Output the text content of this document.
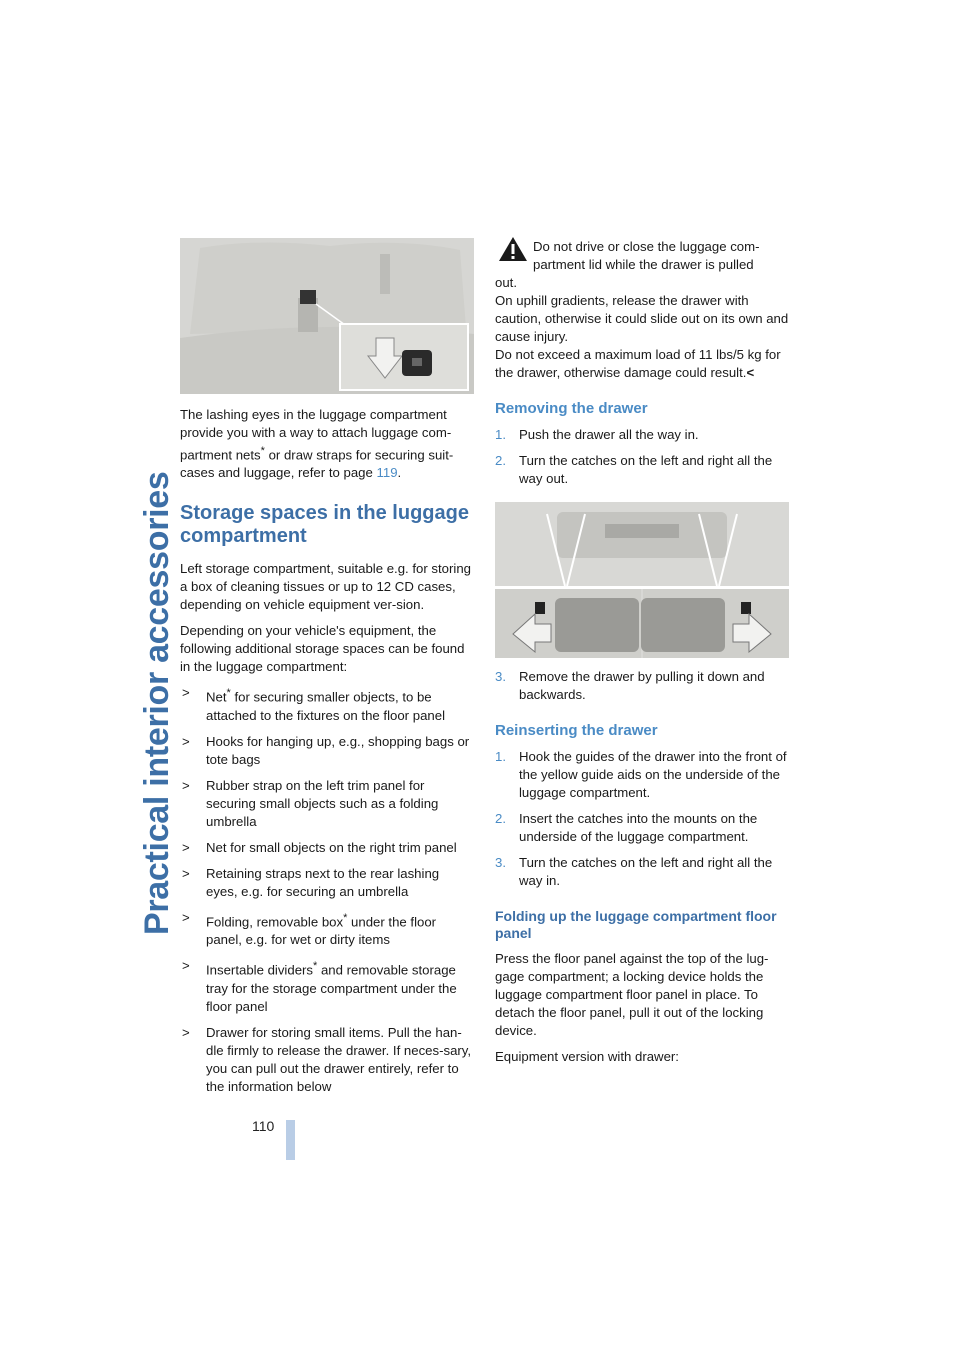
Practical interior accessories

The lashing eyes in the luggage compartment provide you with a way to attach luggage com-partment nets* or draw straps for securing suit-cases and luggage, refer to page 119.

Storage spaces in the luggage compartment

Left storage compartment, suitable e.g. for storing a box of cleaning tissues or up to 12 CD cases, depending on vehicle equipment ver-sion.

Depending on your vehicle's equipment, the following additional storage spaces can be found in the luggage compartment:

>	Net* for securing smaller objects, to be attached to the fixtures on the floor panel
>	Hooks for hanging up, e.g., shopping bags or tote bags
>	Rubber strap on the left trim panel for securing small objects such as a folding umbrella
>	Net for small objects on the right trim panel
>	Retaining straps next to the rear lashing eyes, e.g. for securing an umbrella
>	Folding, removable box* under the floor panel, e.g. for wet or dirty items
>	Insertable dividers* and removable storage tray for the storage compartment under the floor panel
>	Drawer for storing small items. Pull the han-dle firmly to release the drawer. If neces-sary, you can pull out the drawer entirely, refer to the information below
Do not drive or close the luggage com-partment lid while the drawer is pulled

out.
On uphill gradients, release the drawer with caution, otherwise it could slide out on its own and cause injury.
Do not exceed a maximum load of 11 lbs/5 kg for the drawer, otherwise damage could result.<

Removing the drawer
1. Push the drawer all the way in.
2. Turn the catches on the left and right all the way out.
3. Remove the drawer by pulling it down and backwards.
Reinserting the drawer
1. Hook the guides of the drawer into the front of the yellow guide aids on the underside of the luggage compartment.
2. Insert the catches into the mounts on the underside of the luggage compartment.
3. Turn the catches on the left and right all the way in.
Folding up the luggage compartment floor panel

Press the floor panel against the top of the lug-gage compartment; a locking device holds the luggage compartment floor panel in place. To detach the floor panel, pull it out of the locking device.

Equipment version with drawer:

110
